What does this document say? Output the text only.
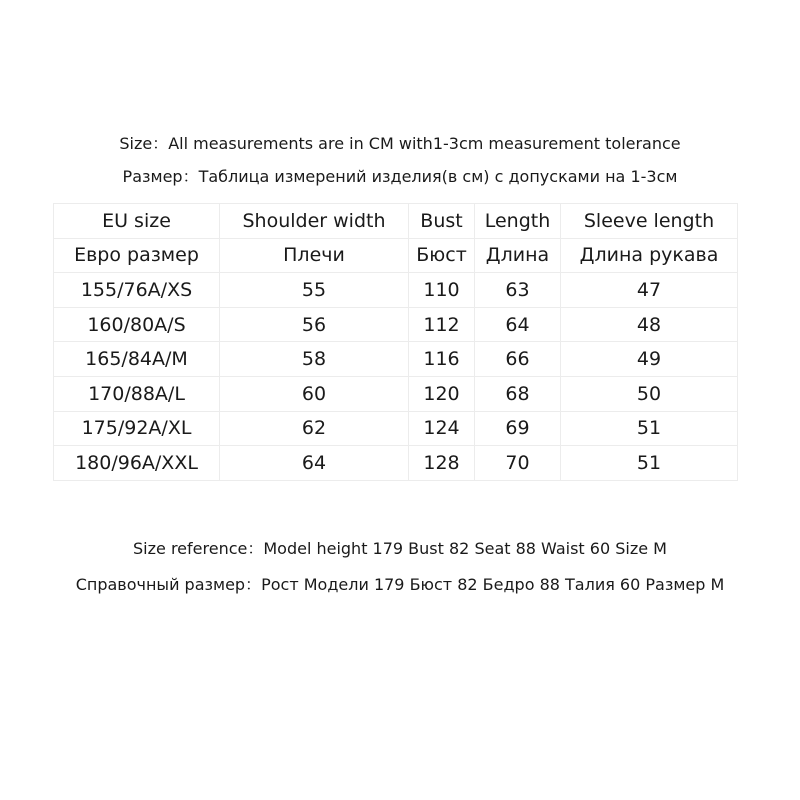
Size：All measurements are in CM with1-3cm measurement tolerance
Размер：Таблица измерений изделия(в см) с допусками на 1-3см
EU size	Shoulder width	Bust	Length	Sleeve length
Евро размер	Плечи	Бюст	Длина	Длина рукава
155/76A/XS	55	110	63	47
160/80A/S	56	112	64	48
165/84A/M	58	116	66	49
170/88A/L	60	120	68	50
175/92A/XL	62	124	69	51
180/96A/XXL	64	128	70	51
Size reference：Model height 179 Bust 82 Seat 88 Waist 60 Size M
Справочный размер：Рост Модели 179 Бюст 82 Бедро 88 Талия 60 Размер M
